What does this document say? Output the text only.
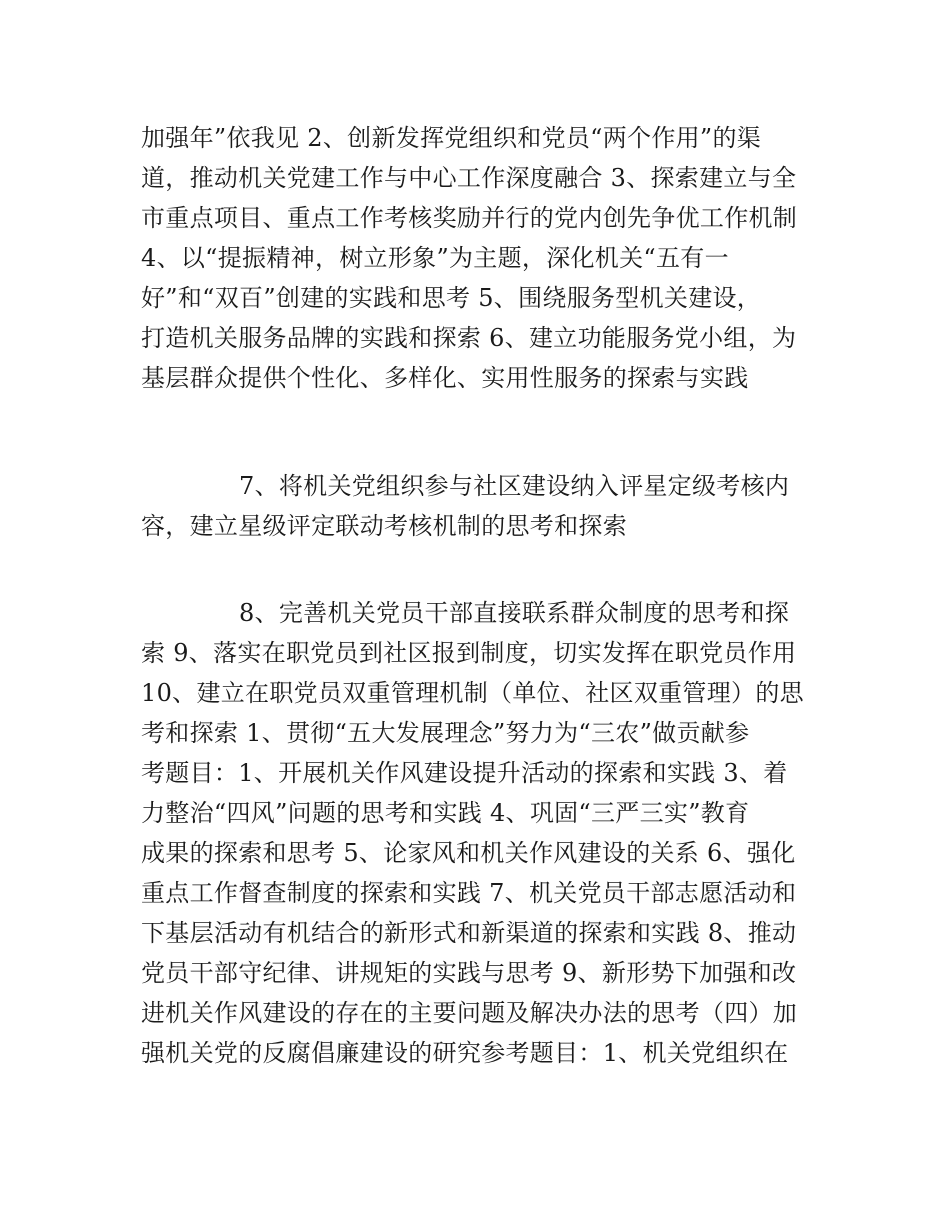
加强年”依我见 2、创新发挥党组织和党员“两个作用”的渠
道，推动机关党建工作与中心工作深度融合 3、探索建立与全
市重点项目、重点工作考核奖励并行的党内创先争优工作机制
4、以“提振精神，树立形象”为主题，深化机关“五有一
好”和“双百”创建的实践和思考 5、围绕服务型机关建设，
打造机关服务品牌的实践和探索 6、建立功能服务党小组，为
基层群众提供个性化、多样化、实用性服务的探索与实践
7、将机关党组织参与社区建设纳入评星定级考核内
容，建立星级评定联动考核机制的思考和探索
8、完善机关党员干部直接联系群众制度的思考和探
索 9、落实在职党员到社区报到制度，切实发挥在职党员作用
10、建立在职党员双重管理机制（单位、社区双重管理）的思
考和探索 1、贯彻“五大发展理念”努力为“三农”做贡献参
考题目：1、开展机关作风建设提升活动的探索和实践 3、着
力整治“四风”问题的思考和实践 4、巩固“三严三实”教育
成果的探索和思考 5、论家风和机关作风建设的关系 6、强化
重点工作督查制度的探索和实践 7、机关党员干部志愿活动和
下基层活动有机结合的新形式和新渠道的探索和实践 8、推动
党员干部守纪律、讲规矩的实践与思考 9、新形势下加强和改
进机关作风建设的存在的主要问题及解决办法的思考（四）加
强机关党的反腐倡廉建设的研究参考题目：1、机关党组织在
